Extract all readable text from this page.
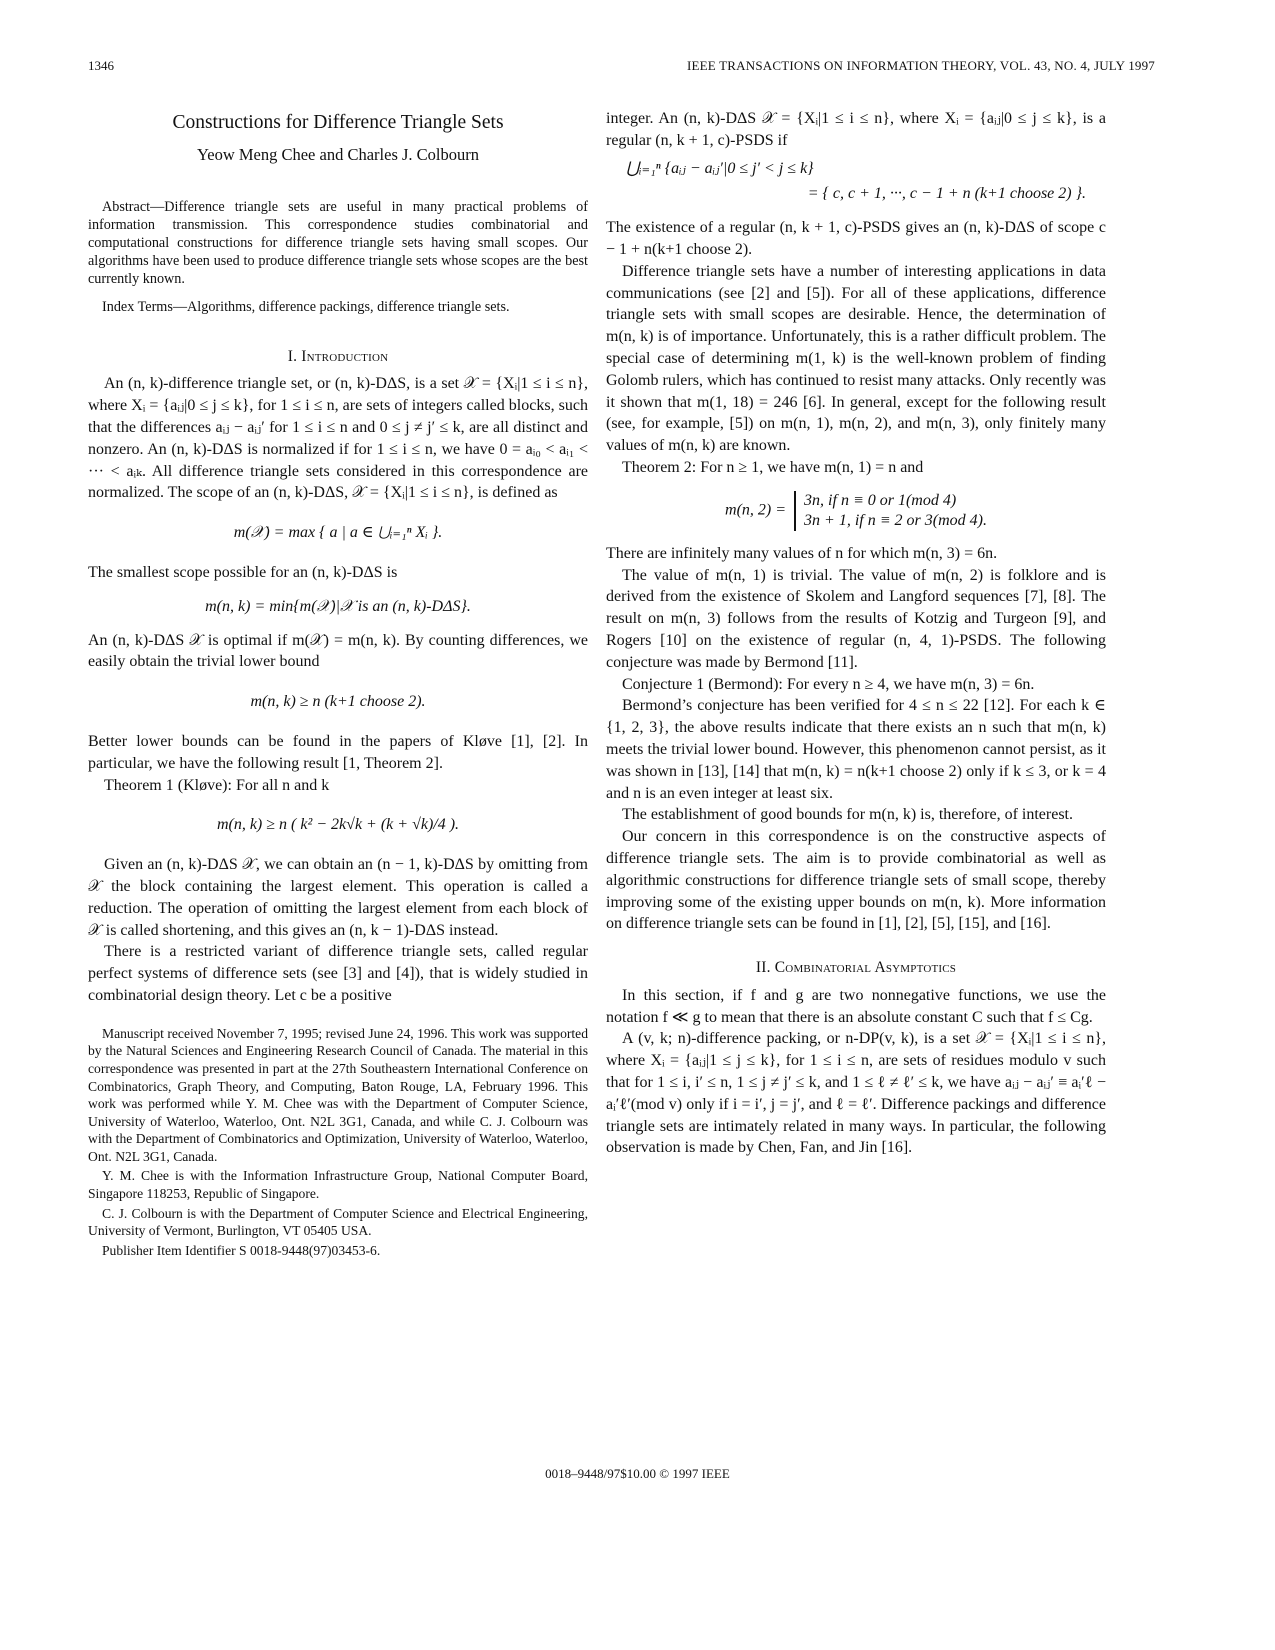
1346	IEEE TRANSACTIONS ON INFORMATION THEORY, VOL. 43, NO. 4, JULY 1997
Constructions for Difference Triangle Sets
Yeow Meng Chee and Charles J. Colbourn

Abstract—Difference triangle sets are useful in many practical problems of information transmission. This correspondence studies combinatorial and computational constructions for difference triangle sets having small scopes. Our algorithms have been used to produce difference triangle sets whose scopes are the best currently known.

Index Terms—Algorithms, difference packings, difference triangle sets.

I. Introduction

An (n, k)-difference triangle set, or (n, k)-DΔS, is a set 𝒳 = {Xᵢ|1 ≤ i ≤ n}, where Xᵢ = {aᵢⱼ|0 ≤ j ≤ k}, for 1 ≤ i ≤ n, are sets of integers called blocks, such that the differences aᵢⱼ − aᵢⱼ′ for 1 ≤ i ≤ n and 0 ≤ j ≠ j′ ≤ k, are all distinct and nonzero. An (n, k)-DΔS is normalized if for 1 ≤ i ≤ n, we have 0 = aᵢ₀ < aᵢ₁ < ··· < aᵢₖ. All difference triangle sets considered in this correspondence are normalized. The scope of an (n, k)-DΔS, 𝒳 = {Xᵢ|1 ≤ i ≤ n}, is defined as

m(𝒳) = max { a | a ∈ ⋃ᵢ₌₁ⁿ Xᵢ }.

The smallest scope possible for an (n, k)-DΔS is

m(n, k) = min{m(𝒳)|𝒳 is an (n, k)-DΔS}.

An (n, k)-DΔS 𝒳 is optimal if m(𝒳) = m(n, k). By counting differences, we easily obtain the trivial lower bound

m(n, k) ≥ n (k+1 choose 2).

Better lower bounds can be found in the papers of Kløve [1], [2]. In particular, we have the following result [1, Theorem 2].

Theorem 1 (Kløve): For all n and k

m(n, k) ≥ n ( k² − 2k√k + (k + √k)/4 ).

Given an (n, k)-DΔS 𝒳, we can obtain an (n − 1, k)-DΔS by omitting from 𝒳 the block containing the largest element. This operation is called a reduction. The operation of omitting the largest element from each block of 𝒳 is called shortening, and this gives an (n, k − 1)-DΔS instead.

There is a restricted variant of difference triangle sets, called regular perfect systems of difference sets (see [3] and [4]), that is widely studied in combinatorial design theory. Let c be a positive

Manuscript received November 7, 1995; revised June 24, 1996. This work was supported by the Natural Sciences and Engineering Research Council of Canada. The material in this correspondence was presented in part at the 27th Southeastern International Conference on Combinatorics, Graph Theory, and Computing, Baton Rouge, LA, February 1996. This work was performed while Y. M. Chee was with the Department of Computer Science, University of Waterloo, Waterloo, Ont. N2L 3G1, Canada, and while C. J. Colbourn was with the Department of Combinatorics and Optimization, University of Waterloo, Waterloo, Ont. N2L 3G1, Canada.

Y. M. Chee is with the Information Infrastructure Group, National Computer Board, Singapore 118253, Republic of Singapore.

C. J. Colbourn is with the Department of Computer Science and Electrical Engineering, University of Vermont, Burlington, VT 05405 USA.

Publisher Item Identifier S 0018-9448(97)03453-6.

integer. An (n, k)-DΔS 𝒳 = {Xᵢ|1 ≤ i ≤ n}, where Xᵢ = {aᵢⱼ|0 ≤ j ≤ k}, is a regular (n, k + 1, c)-PSDS if

⋃ᵢ₌₁ⁿ {aᵢⱼ − aᵢⱼ′|0 ≤ j′ < j ≤ k}
= { c, c + 1, ···, c − 1 + n (k+1 choose 2) }.

The existence of a regular (n, k + 1, c)-PSDS gives an (n, k)-DΔS of scope c − 1 + n(k+1 choose 2).

Difference triangle sets have a number of interesting applications in data communications (see [2] and [5]). For all of these applications, difference triangle sets with small scopes are desirable. Hence, the determination of m(n, k) is of importance. Unfortunately, this is a rather difficult problem. The special case of determining m(1, k) is the well-known problem of finding Golomb rulers, which has continued to resist many attacks. Only recently was it shown that m(1, 18) = 246 [6]. In general, except for the following result (see, for example, [5]) on m(n, 1), m(n, 2), and m(n, 3), only finitely many values of m(n, k) are known.

Theorem 2: For n ≥ 1, we have m(n, 1) = n and

m(n, 2) =
3n, if n ≡ 0 or 1(mod 4)
3n + 1, if n ≡ 2 or 3(mod 4).

There are infinitely many values of n for which m(n, 3) = 6n.

The value of m(n, 1) is trivial. The value of m(n, 2) is folklore and is derived from the existence of Skolem and Langford sequences [7], [8]. The result on m(n, 3) follows from the results of Kotzig and Turgeon [9], and Rogers [10] on the existence of regular (n, 4, 1)-PSDS. The following conjecture was made by Bermond [11].

Conjecture 1 (Bermond): For every n ≥ 4, we have m(n, 3) = 6n.

Bermond’s conjecture has been verified for 4 ≤ n ≤ 22 [12]. For each k ∈ {1, 2, 3}, the above results indicate that there exists an n such that m(n, k) meets the trivial lower bound. However, this phenomenon cannot persist, as it was shown in [13], [14] that m(n, k) = n(k+1 choose 2) only if k ≤ 3, or k = 4 and n is an even integer at least six.

The establishment of good bounds for m(n, k) is, therefore, of interest.

Our concern in this correspondence is on the constructive aspects of difference triangle sets. The aim is to provide combinatorial as well as algorithmic constructions for difference triangle sets of small scope, thereby improving some of the existing upper bounds on m(n, k). More information on difference triangle sets can be found in [1], [2], [5], [15], and [16].

II. Combinatorial Asymptotics

In this section, if f and g are two nonnegative functions, we use the notation f ≪ g to mean that there is an absolute constant C such that f ≤ Cg.

A (v, k; n)-difference packing, or n-DP(v, k), is a set 𝒳 = {Xᵢ|1 ≤ i ≤ n}, where Xᵢ = {aᵢⱼ|1 ≤ j ≤ k}, for 1 ≤ i ≤ n, are sets of residues modulo v such that for 1 ≤ i, i′ ≤ n, 1 ≤ j ≠ j′ ≤ k, and 1 ≤ ℓ ≠ ℓ′ ≤ k, we have aᵢⱼ − aᵢⱼ′ ≡ aᵢ′ℓ − aᵢ′ℓ′(mod v) only if i = i′, j = j′, and ℓ = ℓ′. Difference packings and difference triangle sets are intimately related in many ways. In particular, the following observation is made by Chen, Fan, and Jin [16].

0018–9448/97$10.00 © 1997 IEEE
